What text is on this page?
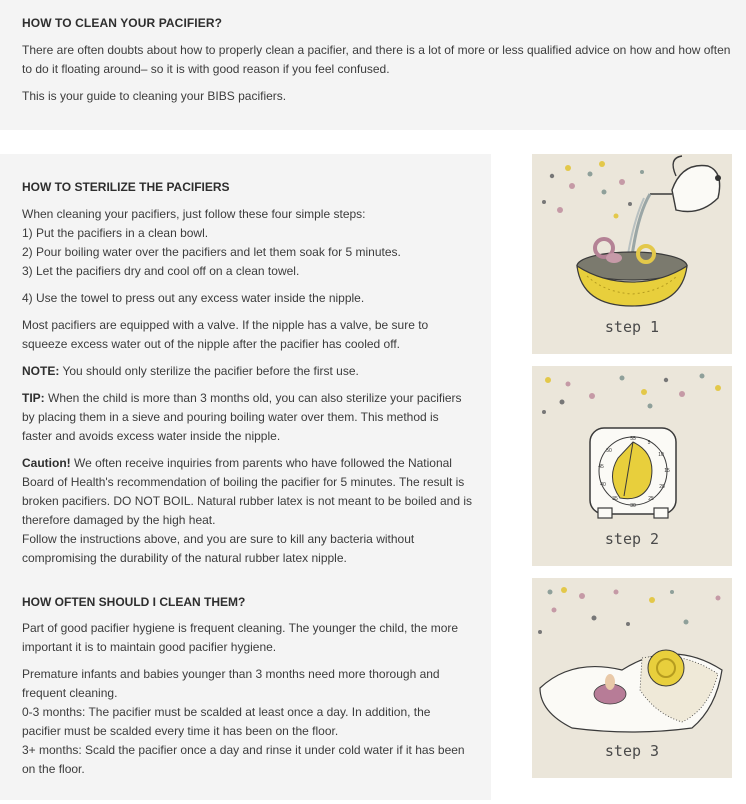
HOW TO CLEAN YOUR PACIFIER?

There are often doubts about how to properly clean a pacifier, and there is a lot of more or less qualified advice on how and how often to do it floating around– so it is with good reason if you feel confused.

This is your guide to cleaning your BIBS pacifiers.

HOW TO STERILIZE THE PACIFIERS

When cleaning your pacifiers, just follow these four simple steps:

1) Put the pacifiers in a clean bowl.

2) Pour boiling water over the pacifiers and let them soak for 5 minutes.

3) Let the pacifiers dry and cool off on a clean towel.

4) Use the towel to press out any excess water inside the nipple.

Most pacifiers are equipped with a valve. If the nipple has a valve, be sure to squeeze excess water out of the nipple after the pacifier has cooled off.

NOTE: You should only sterilize the pacifier before the first use.

TIP: When the child is more than 3 months old, you can also sterilize your pacifiers by placing them in a sieve and pouring boiling water over them. This method is faster and avoids excess water inside the nipple.

Caution! We often receive inquiries from parents who have followed the National Board of Health's recommendation of boiling the pacifier for 5 minutes. The result is broken pacifiers. DO NOT BOIL. Natural rubber latex is not meant to be boiled and is therefore damaged by the high heat.

Follow the instructions above, and you are sure to kill any bacteria without compromising the durability of the natural rubber latex nipple.

HOW OFTEN SHOULD I CLEAN THEM?

Part of good pacifier hygiene is frequent cleaning. The younger the child, the more important it is to maintain good pacifier hygiene.

Premature infants and babies younger than 3 months need more thorough and frequent cleaning.

0-3 months: The pacifier must be scalded at least once a day. In addition, the pacifier must be scalded every time it has been on the floor.

3+ months: Scald the pacifier once a day and rinse it under cold water if it has been on the floor.

step 1
55
5
10
15
20
25
30
35
40
45
50
step 2
step 3
